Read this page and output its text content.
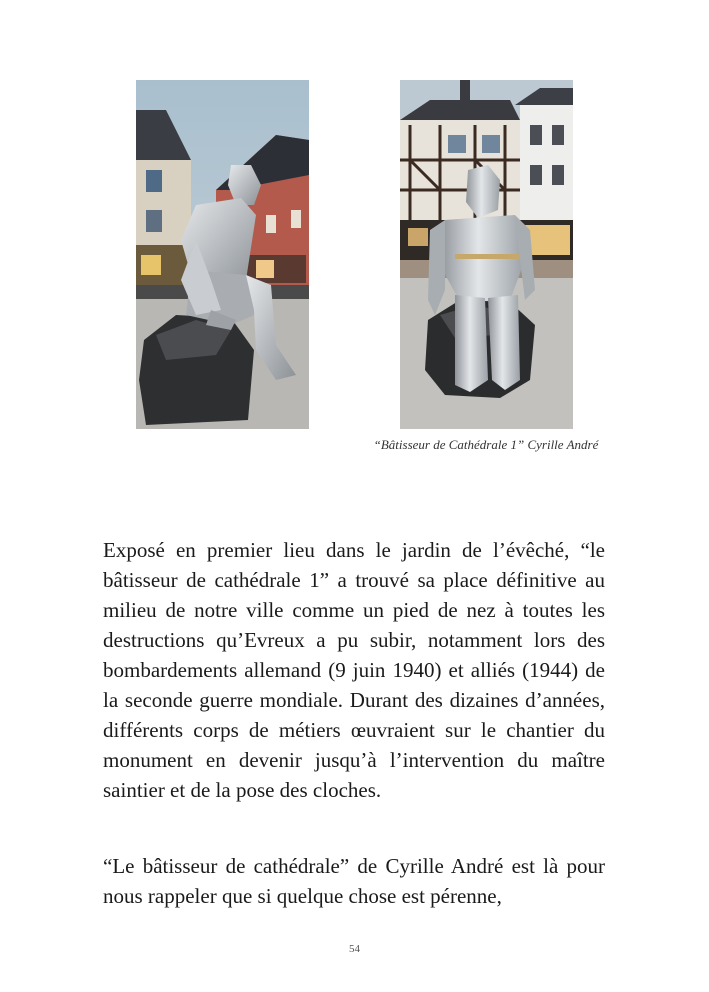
“Bâtisseur de Cathédrale 1” Cyrille André

Exposé en premier lieu dans le jardin de l’évêché, “le bâtisseur de cathédrale 1” a trouvé sa place définitive au milieu de notre ville comme un pied de nez à toutes les destructions qu’Evreux a pu subir, notamment lors des bombardements allemand (9 juin 1940) et alliés (1944) de la seconde guerre mondiale. Durant des dizaines d’années, différents corps de métiers œuvraient sur le chantier du monument en devenir jusqu’à l’intervention du maître saintier et de la pose des cloches.

“Le bâtisseur de cathédrale” de Cyrille André est là pour nous rappeler que si quelque chose est pérenne,

54
